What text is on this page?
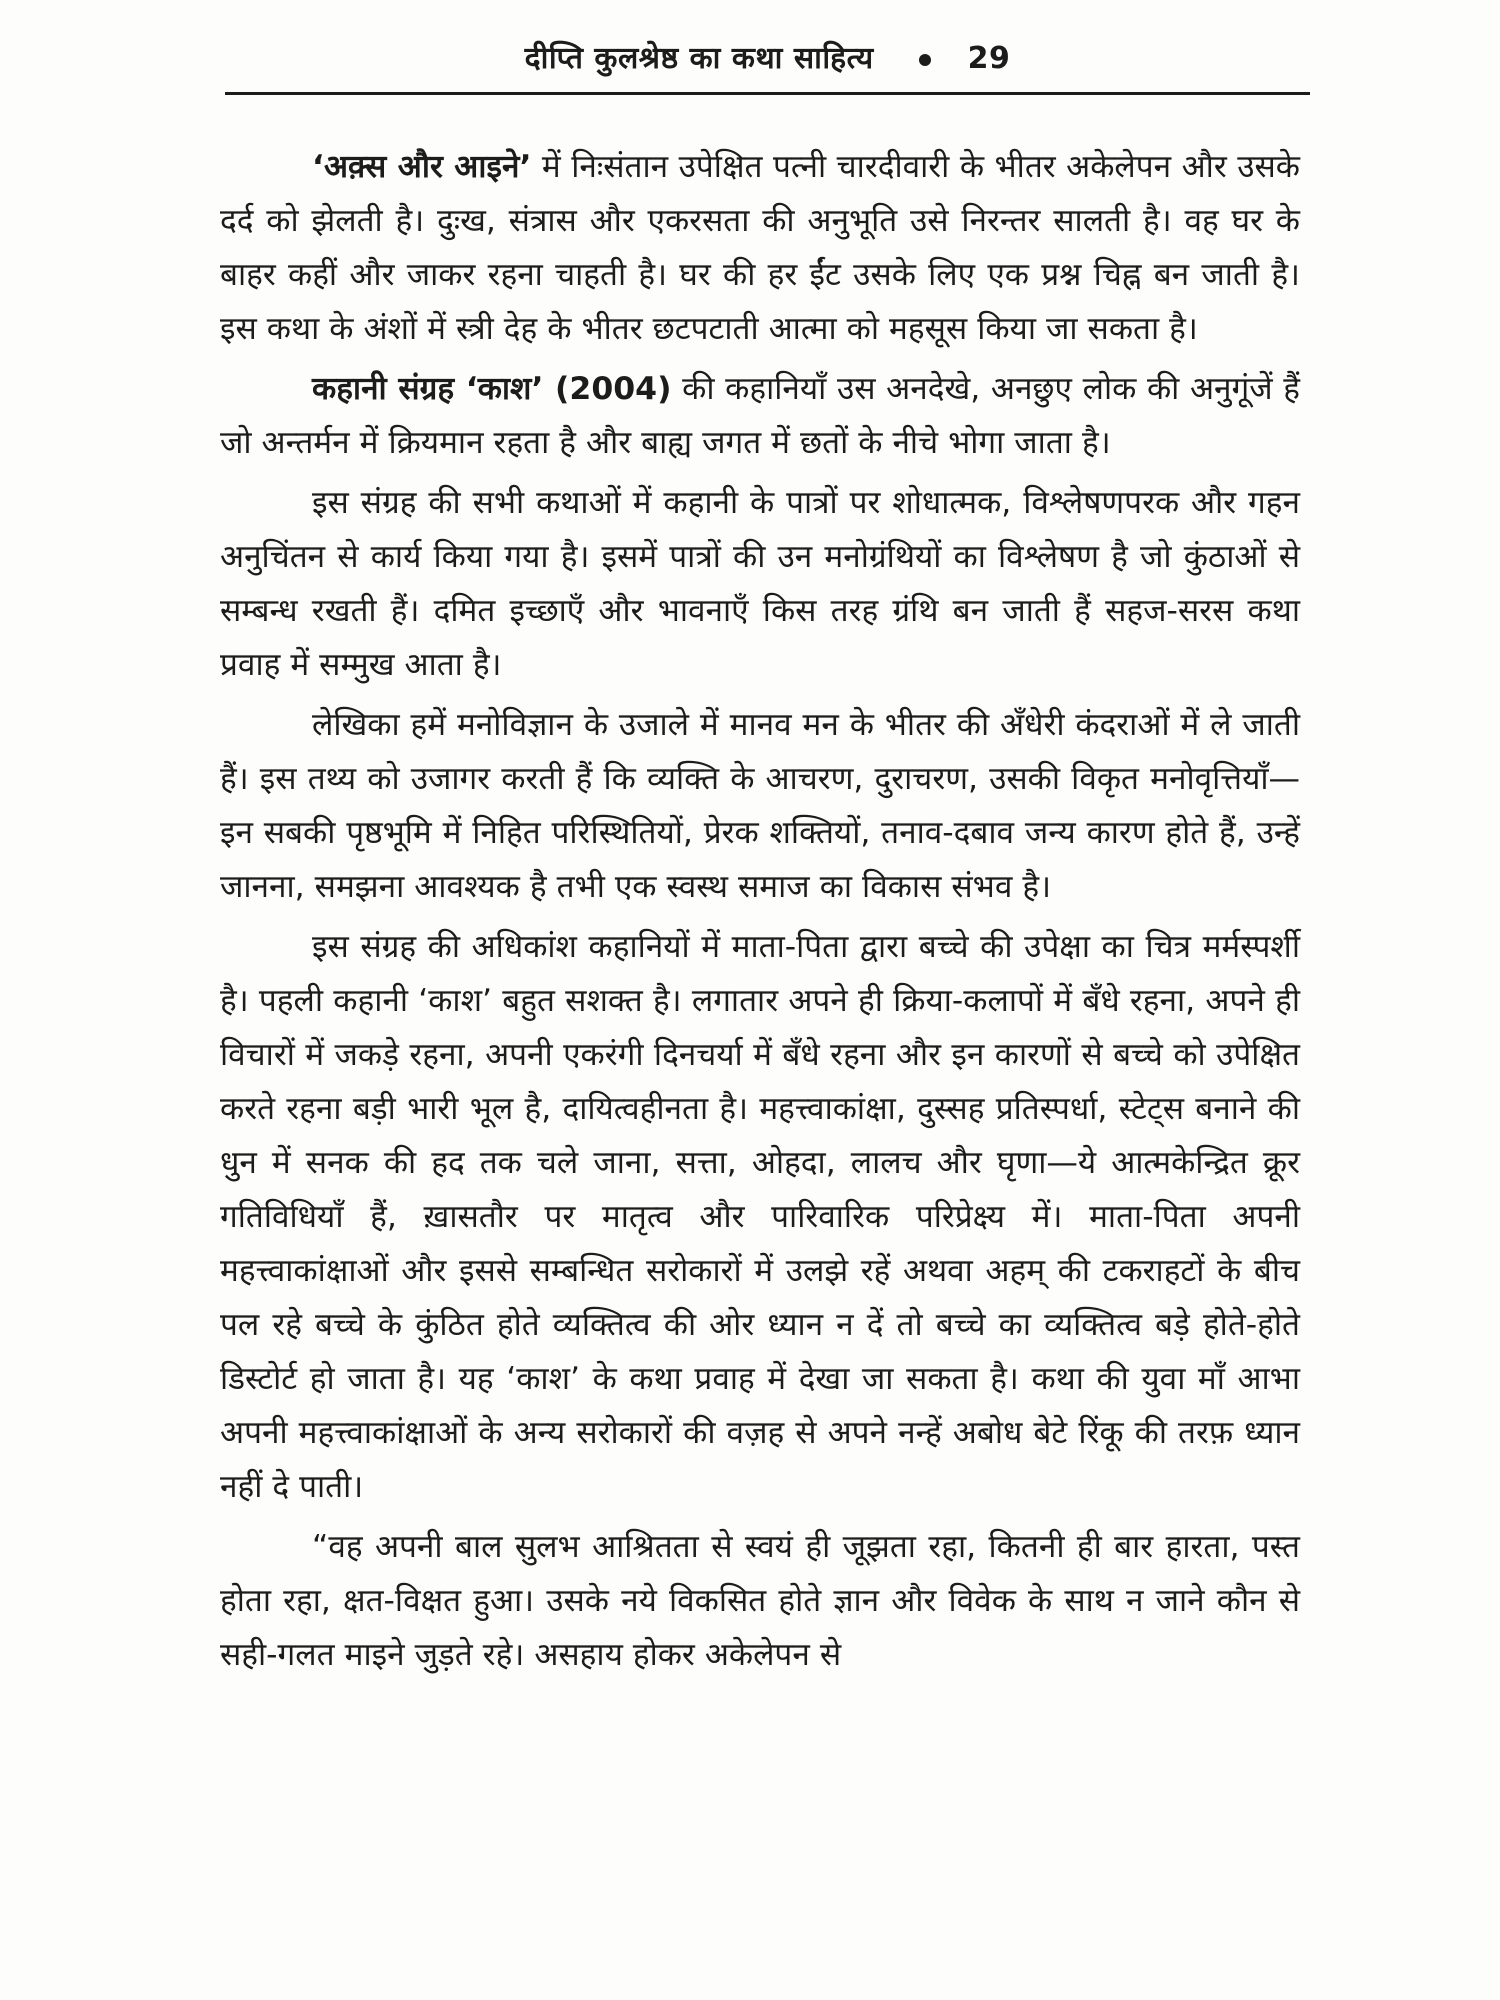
दीप्ति कुलश्रेष्ठ का कथा साहित्य	29

‘अक़्स और आइने’ में निःसंतान उपेक्षित पत्नी चारदीवारी के भीतर अकेलेपन और उसके दर्द को झेलती है। दुःख, संत्रास और एकरसता की अनुभूति उसे निरन्तर सालती है। वह घर के बाहर कहीं और जाकर रहना चाहती है। घर की हर ईंट उसके लिए एक प्रश्न चिह्न बन जाती है। इस कथा के अंशों में स्त्री देह के भीतर छटपटाती आत्मा को महसूस किया जा सकता है।

कहानी संग्रह ‘काश’ (2004) की कहानियाँ उस अनदेखे, अनछुए लोक की अनुगूंजें हैं जो अन्तर्मन में क्रियमान रहता है और बाह्य जगत में छतों के नीचे भोगा जाता है।

इस संग्रह की सभी कथाओं में कहानी के पात्रों पर शोधात्मक, विश्लेषणपरक और गहन अनुचिंतन से कार्य किया गया है। इसमें पात्रों की उन मनोग्रंथियों का विश्लेषण है जो कुंठाओं से सम्बन्ध रखती हैं। दमित इच्छाएँ और भावनाएँ किस तरह ग्रंथि बन जाती हैं सहज-सरस कथा प्रवाह में सम्मुख आता है।

लेखिका हमें मनोविज्ञान के उजाले में मानव मन के भीतर की अँधेरी कंदराओं में ले जाती हैं। इस तथ्य को उजागर करती हैं कि व्यक्ति के आचरण, दुराचरण, उसकी विकृत मनोवृत्तियाँ—इन सबकी पृष्ठभूमि में निहित परिस्थितियों, प्रेरक शक्तियों, तनाव-दबाव जन्य कारण होते हैं, उन्हें जानना, समझना आवश्यक है तभी एक स्वस्थ समाज का विकास संभव है।

इस संग्रह की अधिकांश कहानियों में माता-पिता द्वारा बच्चे की उपेक्षा का चित्र मर्मस्पर्शी है। पहली कहानी ‘काश’ बहुत सशक्त है। लगातार अपने ही क्रिया-कलापों में बँधे रहना, अपने ही विचारों में जकड़े रहना, अपनी एकरंगी दिनचर्या में बँधे रहना और इन कारणों से बच्चे को उपेक्षित करते रहना बड़ी भारी भूल है, दायित्वहीनता है। महत्त्वाकांक्षा, दुस्सह प्रतिस्पर्धा, स्टेट्स बनाने की धुन में सनक की हद तक चले जाना, सत्ता, ओहदा, लालच और घृणा—ये आत्मकेन्द्रित क्रूर गतिविधियाँ हैं, ख़ासतौर पर मातृत्व और पारिवारिक परिप्रेक्ष्य में। माता-पिता अपनी महत्त्वाकांक्षाओं और इससे सम्बन्धित सरोकारों में उलझे रहें अथवा अहम् की टकराहटों के बीच पल रहे बच्चे के कुंठित होते व्यक्तित्व की ओर ध्यान न दें तो बच्चे का व्यक्तित्व बड़े होते-होते डिस्टोर्ट हो जाता है। यह ‘काश’ के कथा प्रवाह में देखा जा सकता है। कथा की युवा माँ आभा अपनी महत्त्वाकांक्षाओं के अन्य सरोकारों की वज़ह से अपने नन्हें अबोध बेटे रिंकू की तरफ़ ध्यान नहीं दे पाती।

“वह अपनी बाल सुलभ आश्रितता से स्वयं ही जूझता रहा, कितनी ही बार हारता, पस्त होता रहा, क्षत-विक्षत हुआ। उसके नये विकसित होते ज्ञान और विवेक के साथ न जाने कौन से सही-गलत माइने जुड़ते रहे। असहाय होकर अकेलेपन से
